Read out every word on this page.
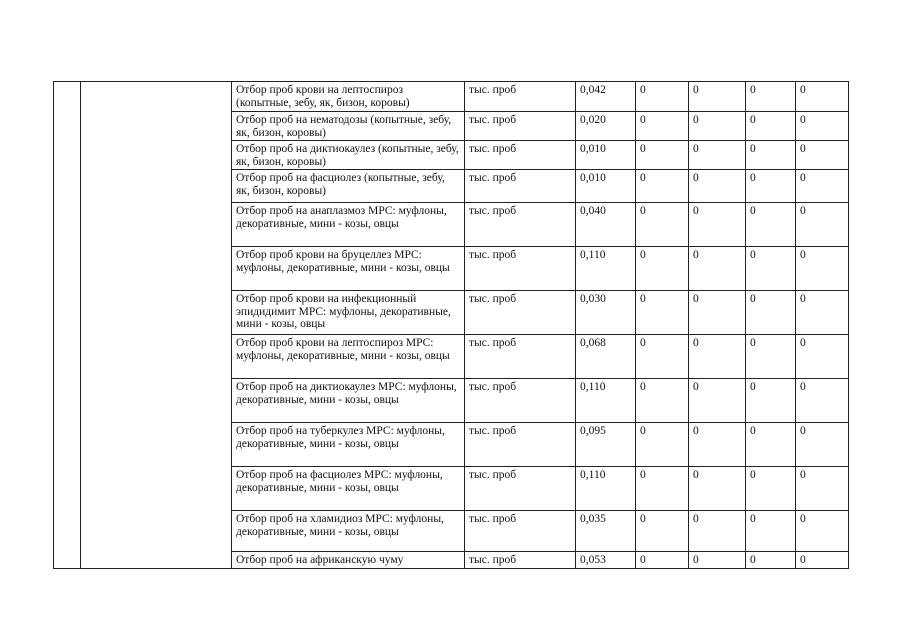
		Отбор проб крови на лептоспироз (копытные, зебу, як, бизон, коровы)	тыс. проб	0,042	0	0	0	0
		Отбор проб на нематодозы (копытные, зебу, як, бизон, коровы)	тыс. проб	0,020	0	0	0	0
		Отбор проб на диктиокаулез (копытные, зебу, як, бизон, коровы)	тыс. проб	0,010	0	0	0	0
		Отбор проб на фасциолез (копытные, зебу, як, бизон, коровы)	тыс. проб	0,010	0	0	0	0
		Отбор проб на анаплазмоз МРС: муфлоны, декоративные, мини - козы, овцы	тыс. проб	0,040	0	0	0	0
		Отбор проб крови на бруцеллез МРС: муфлоны, декоративные, мини - козы, овцы	тыс. проб	0,110	0	0	0	0
		Отбор проб крови на инфекционный эпидидимит МРС: муфлоны, декоративные, мини - козы, овцы	тыс. проб	0,030	0	0	0	0
		Отбор проб крови на лептоспироз МРС: муфлоны, декоративные, мини - козы, овцы	тыс. проб	0,068	0	0	0	0
		Отбор проб на диктиокаулез МРС: муфлоны, декоративные, мини - козы, овцы	тыс. проб	0,110	0	0	0	0
		Отбор проб на туберкулез МРС: муфлоны, декоративные, мини - козы, овцы	тыс. проб	0,095	0	0	0	0
		Отбор проб на фасциолез МРС: муфлоны, декоративные, мини - козы, овцы	тыс. проб	0,110	0	0	0	0
		Отбор проб на хламидиоз МРС: муфлоны, декоративные, мини - козы, овцы	тыс. проб	0,035	0	0	0	0
		Отбор проб на африканскую чуму	тыс. проб	0,053	0	0	0	0
